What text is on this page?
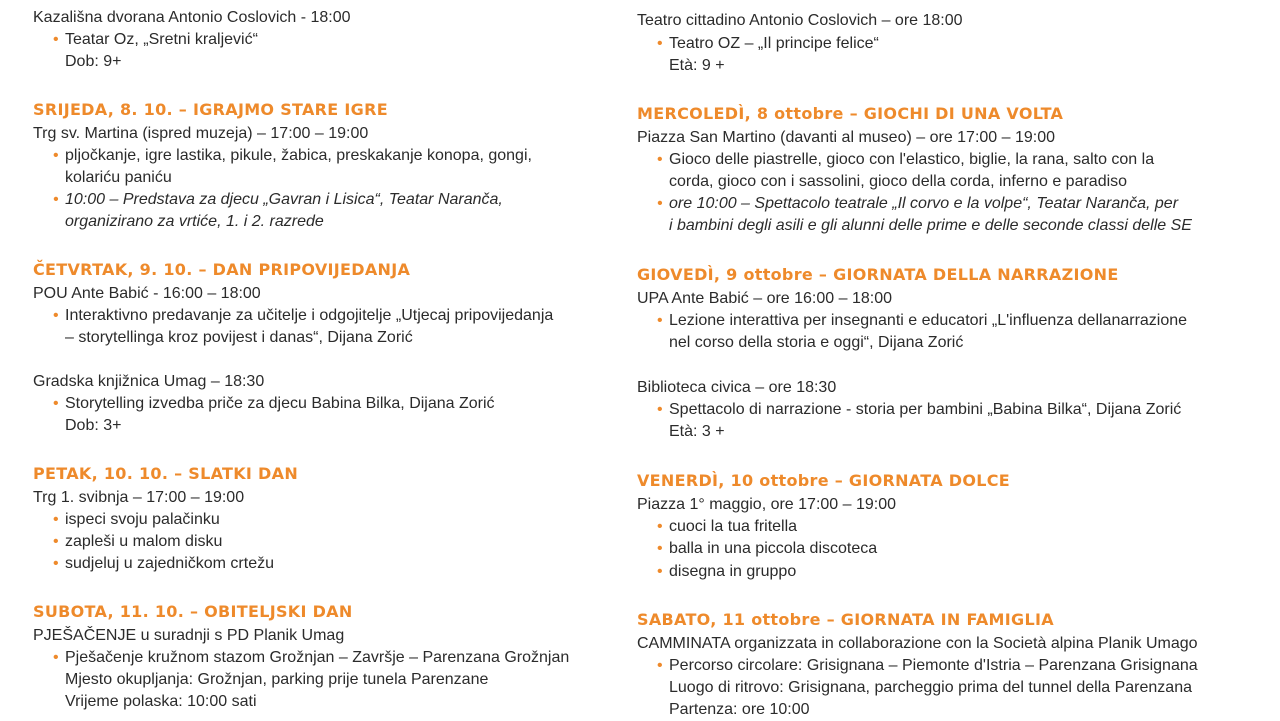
Kazališna dvorana Antonio Coslovich - 18:00
• Teatar Oz, „Sretni kraljević“
Dob: 9+
SRIJEDA, 8. 10. – IGRAJMO STARE IGRE
Trg sv. Martina (ispred muzeja) – 17:00 – 19:00
• pljočkanje, igre lastika, pikule, žabica, preskakanje konopa, gongi,
kolariću paniću
• 10:00 – Predstava za djecu „Gavran i Lisica“, Teatar Naranča,
organizirano za vrtiće, 1. i 2. razrede
ČETVRTAK, 9. 10. – DAN PRIPOVIJEDANJA
POU Ante Babić - 16:00 – 18:00
• Interaktivno predavanje za učitelje i odgojitelje „Utjecaj pripovijedanja
– storytellinga kroz povijest i danas“, Dijana Zorić
Gradska knjižnica Umag – 18:30
• Storytelling izvedba priče za djecu Babina Bilka, Dijana Zorić
Dob: 3+
PETAK, 10. 10. – SLATKI DAN
Trg 1. svibnja – 17:00 – 19:00
• ispeci svoju palačinku
• zapleši u malom disku
• sudjeluj u zajedničkom crtežu
SUBOTA, 11. 10. – OBITELJSKI DAN
PJEŠAČENJE u suradnji s PD Planik Umag
• Pješačenje kružnom stazom Grožnjan – Završje – Parenzana Grožnjan
Mjesto okupljanja: Grožnjan, parking prije tunela Parenzane
Vrijeme polaska: 10:00 sati
Teatro cittadino Antonio Coslovich – ore 18:00
• Teatro OZ – „Il principe felice“
Età: 9 +
MERCOLEDÌ, 8 ottobre – GIOCHI DI UNA VOLTA
Piazza San Martino (davanti al museo) – ore 17:00 – 19:00
• Gioco delle piastrelle, gioco con l'elastico, biglie, la rana, salto con la
corda, gioco con i sassolini, gioco della corda, inferno e paradiso
• ore 10:00 – Spettacolo teatrale „Il corvo e la volpe“, Teatar Naranča, per
i bambini degli asili e gli alunni delle prime e delle seconde classi delle SE
GIOVEDÌ, 9 ottobre – GIORNATA DELLA NARRAZIONE
UPA Ante Babić – ore 16:00 – 18:00
• Lezione interattiva per insegnanti e educatori „L'influenza dellanarrazione
nel corso della storia e oggi“, Dijana Zorić
Biblioteca civica – ore 18:30
• Spettacolo di narrazione - storia per bambini „Babina Bilka“, Dijana Zorić
Età: 3 +
VENERDÌ, 10 ottobre – GIORNATA DOLCE
Piazza 1° maggio, ore 17:00 – 19:00
• cuoci la tua fritella
• balla in una piccola discoteca
• disegna in gruppo
SABATO, 11 ottobre – GIORNATA IN FAMIGLIA
CAMMINATA organizzata in collaborazione con la Società alpina Planik Umago
• Percorso circolare: Grisignana – Piemonte d'Istria – Parenzana Grisignana
Luogo di ritrovo: Grisignana, parcheggio prima del tunnel della Parenzana
Partenza: ore 10:00
